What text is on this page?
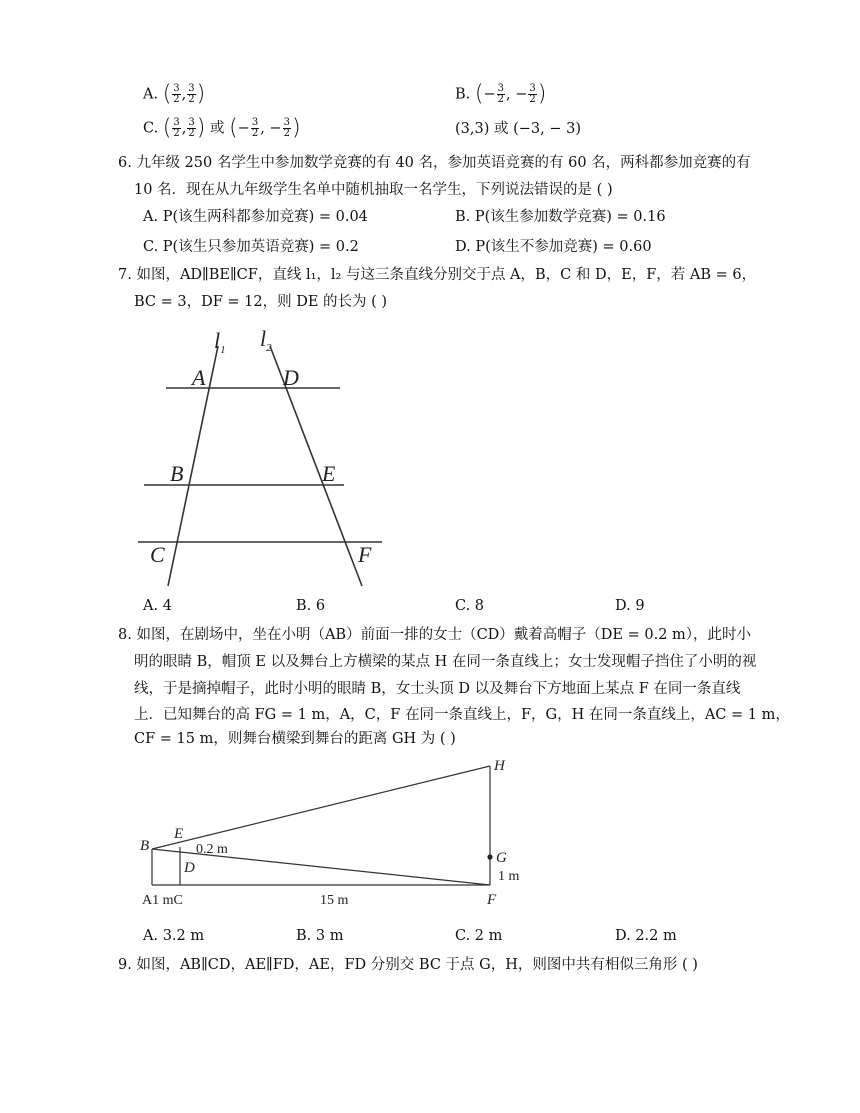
A. ( $\frac{3}{2}$ , $\frac{3}{2}$ )	B. (− $\frac{3}{2}$ , − $\frac{3}{2}$ )
C. ( $\frac{3}{2}$ , $\frac{3}{2}$ ) 或 (− $\frac{3}{2}$ , − $\frac{3}{2}$ )	(3,3) 或 (−3, − 3)
6. 九年级 250 名学生中参加数学竞赛的有 40 名，参加英语竞赛的有 60 名，两科都参加竞赛的有
10 名．现在从九年级学生名单中随机抽取一名学生，下列说法错误的是 ( )
A. P(该生两科都参加竞赛) = 0.04	B. P(该生参加数学竞赛) = 0.16
C. P(该生只参加英语竞赛) = 0.2	D. P(该生不参加竞赛) = 0.60
7. 如图，AD∥BE∥CF，直线 l₁，l₂ 与这三条直线分别交于点 A，B，C 和 D，E，F，若 AB = 6，
BC = 3，DF = 12，则 DE 的长为 ( )
$l_1$ $l_2$
A	D
B	E
C	F
A. 4	B. 6	C. 8	D. 9
8. 如图，在剧场中，坐在小明（AB）前面一排的女士（CD）戴着高帽子（DE = 0.2 m），此时小
明的眼睛 B，帽顶 E 以及舞台上方横梁的某点 H 在同一条直线上；女士发现帽子挡住了小明的视
线，于是摘掉帽子，此时小明的眼睛 B，女士头顶 D 以及舞台下方地面上某点 F 在同一条直线
上．已知舞台的高 FG = 1 m，A，C，F 在同一条直线上，F，G，H 在同一条直线上，AC = 1 m，
CF = 15 m，则舞台横梁到舞台的距离 GH 为 ( )
H
B
E
D
G
F
A1 mC
0.2 m
1 m
15 m
A. 3.2 m	B. 3 m	C. 2 m	D. 2.2 m
9. 如图，AB∥CD，AE∥FD，AE，FD 分别交 BC 于点 G，H，则图中共有相似三角形 ( )
